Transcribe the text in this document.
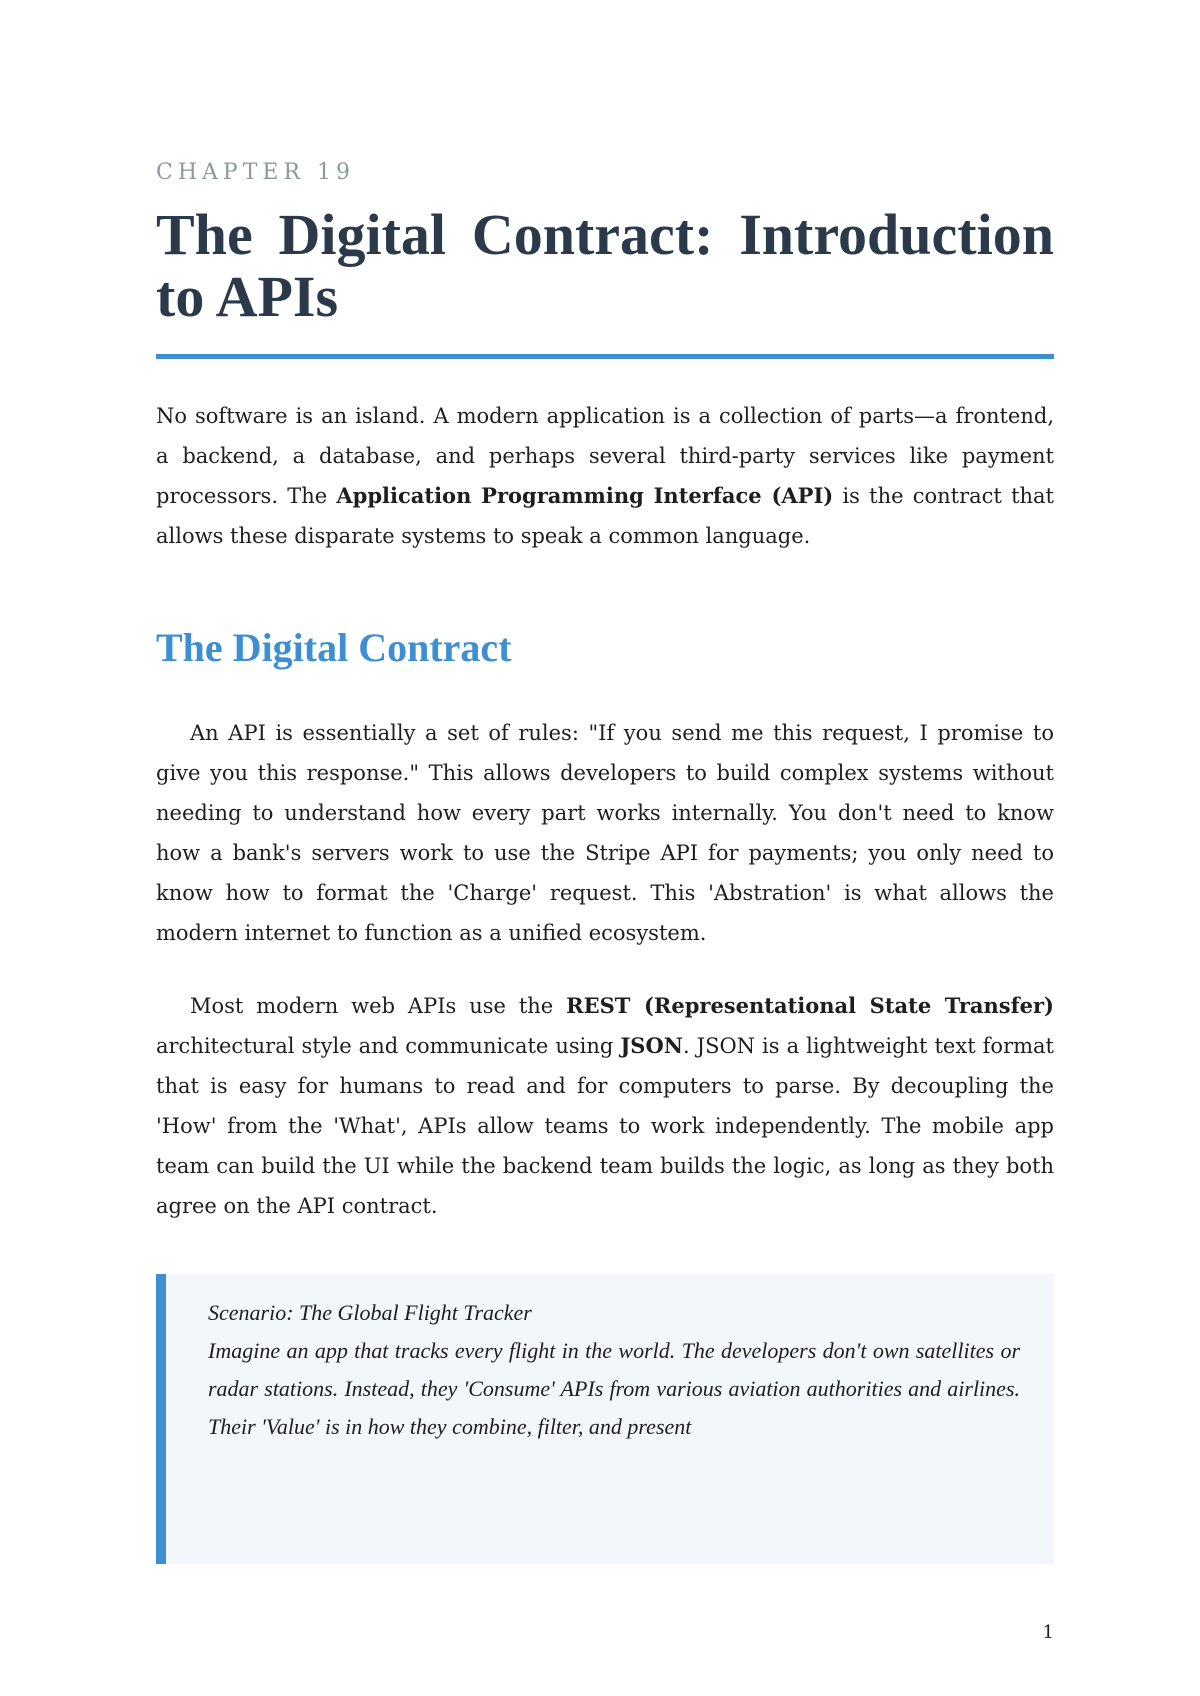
CHAPTER 19
The Digital Contract: Introduction to APIs

No software is an island. A modern application is a collection of parts—a frontend, a backend, a database, and perhaps several third-party services like payment processors. The Application Programming Interface (API) is the contract that allows these disparate systems to speak a common language.

The Digital Contract

An API is essentially a set of rules: "If you send me this request, I promise to give you this response." This allows developers to build complex systems without needing to understand how every part works internally. You don't need to know how a bank's servers work to use the Stripe API for payments; you only need to know how to format the 'Charge' request. This 'Abstration' is what allows the modern internet to function as a unified ecosystem.

Most modern web APIs use the REST (Representational State Transfer) architectural style and communicate using JSON. JSON is a lightweight text format that is easy for humans to read and for computers to parse. By decoupling the 'How' from the 'What', APIs allow teams to work independently. The mobile app team can build the UI while the backend team builds the logic, as long as they both agree on the API contract.

Scenario: The Global Flight Tracker

Imagine an app that tracks every flight in the world. The developers don't own satellites or radar stations. Instead, they 'Consume' APIs from various aviation authorities and airlines. Their 'Value' is in how they combine, filter, and present

1
